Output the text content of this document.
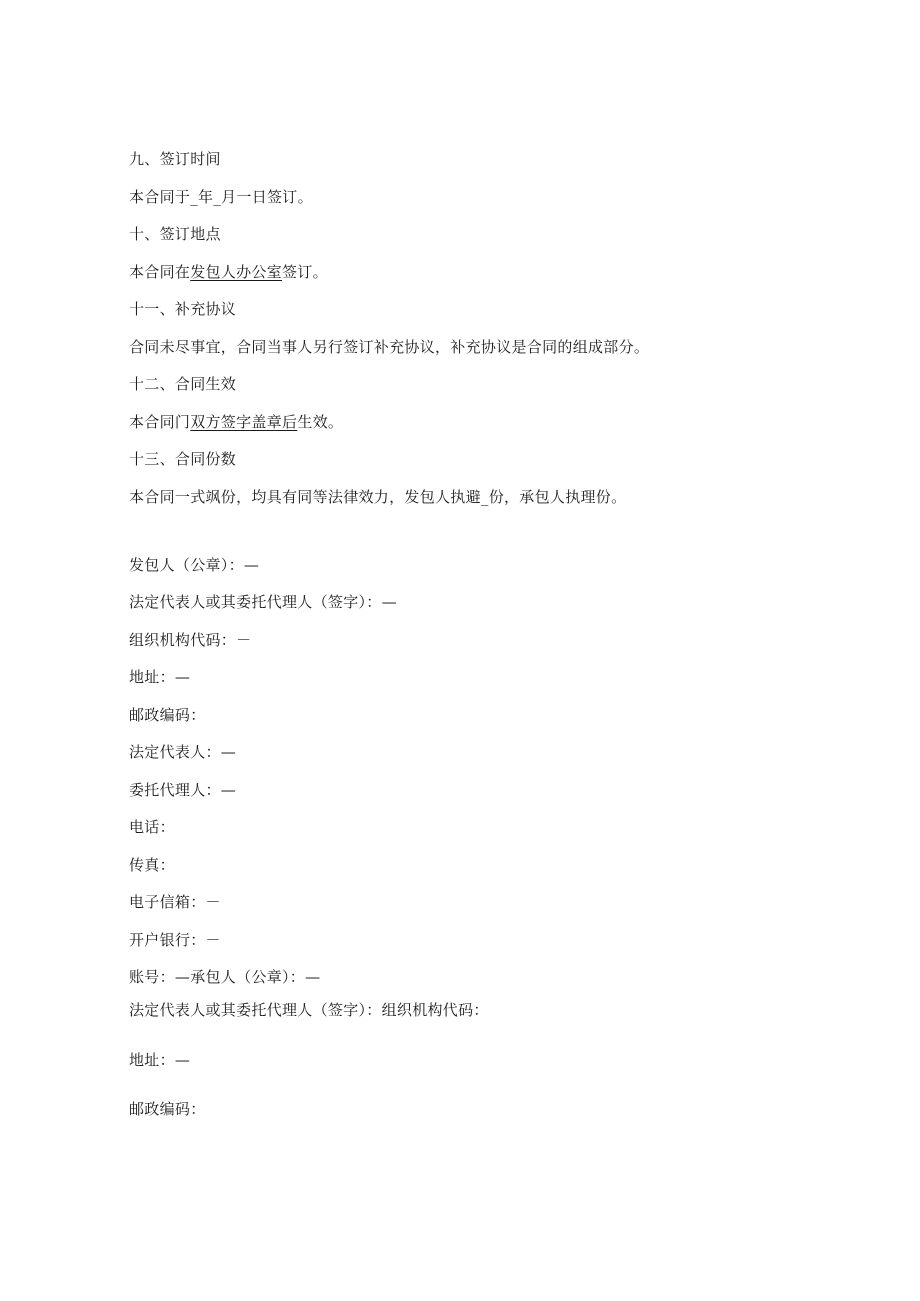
九、签订时间
本合同于_年_月一日签订。
十、签订地点
本合同在发包人办公室签订。
十一、补充协议
合同未尽事宜，合同当事人另行签订补充协议，补充协议是合同的组成部分。
十二、合同生效
本合同门双方签字盖章后生效。
十三、合同份数
本合同一式飒份，均具有同等法律效力，发包人执避_份，承包人执理份。
发包人（公章）：—
法定代表人或其委托代理人（签字）：—
组织机构代码：－
地址：—
邮政编码：
法定代表人：—
委托代理人：—
电话：
传真：
电子信箱：－
开户银行：－
账号：—承包人（公章）：—
法定代表人或其委托代理人（签字）：组织机构代码：
地址：—
邮政编码：
